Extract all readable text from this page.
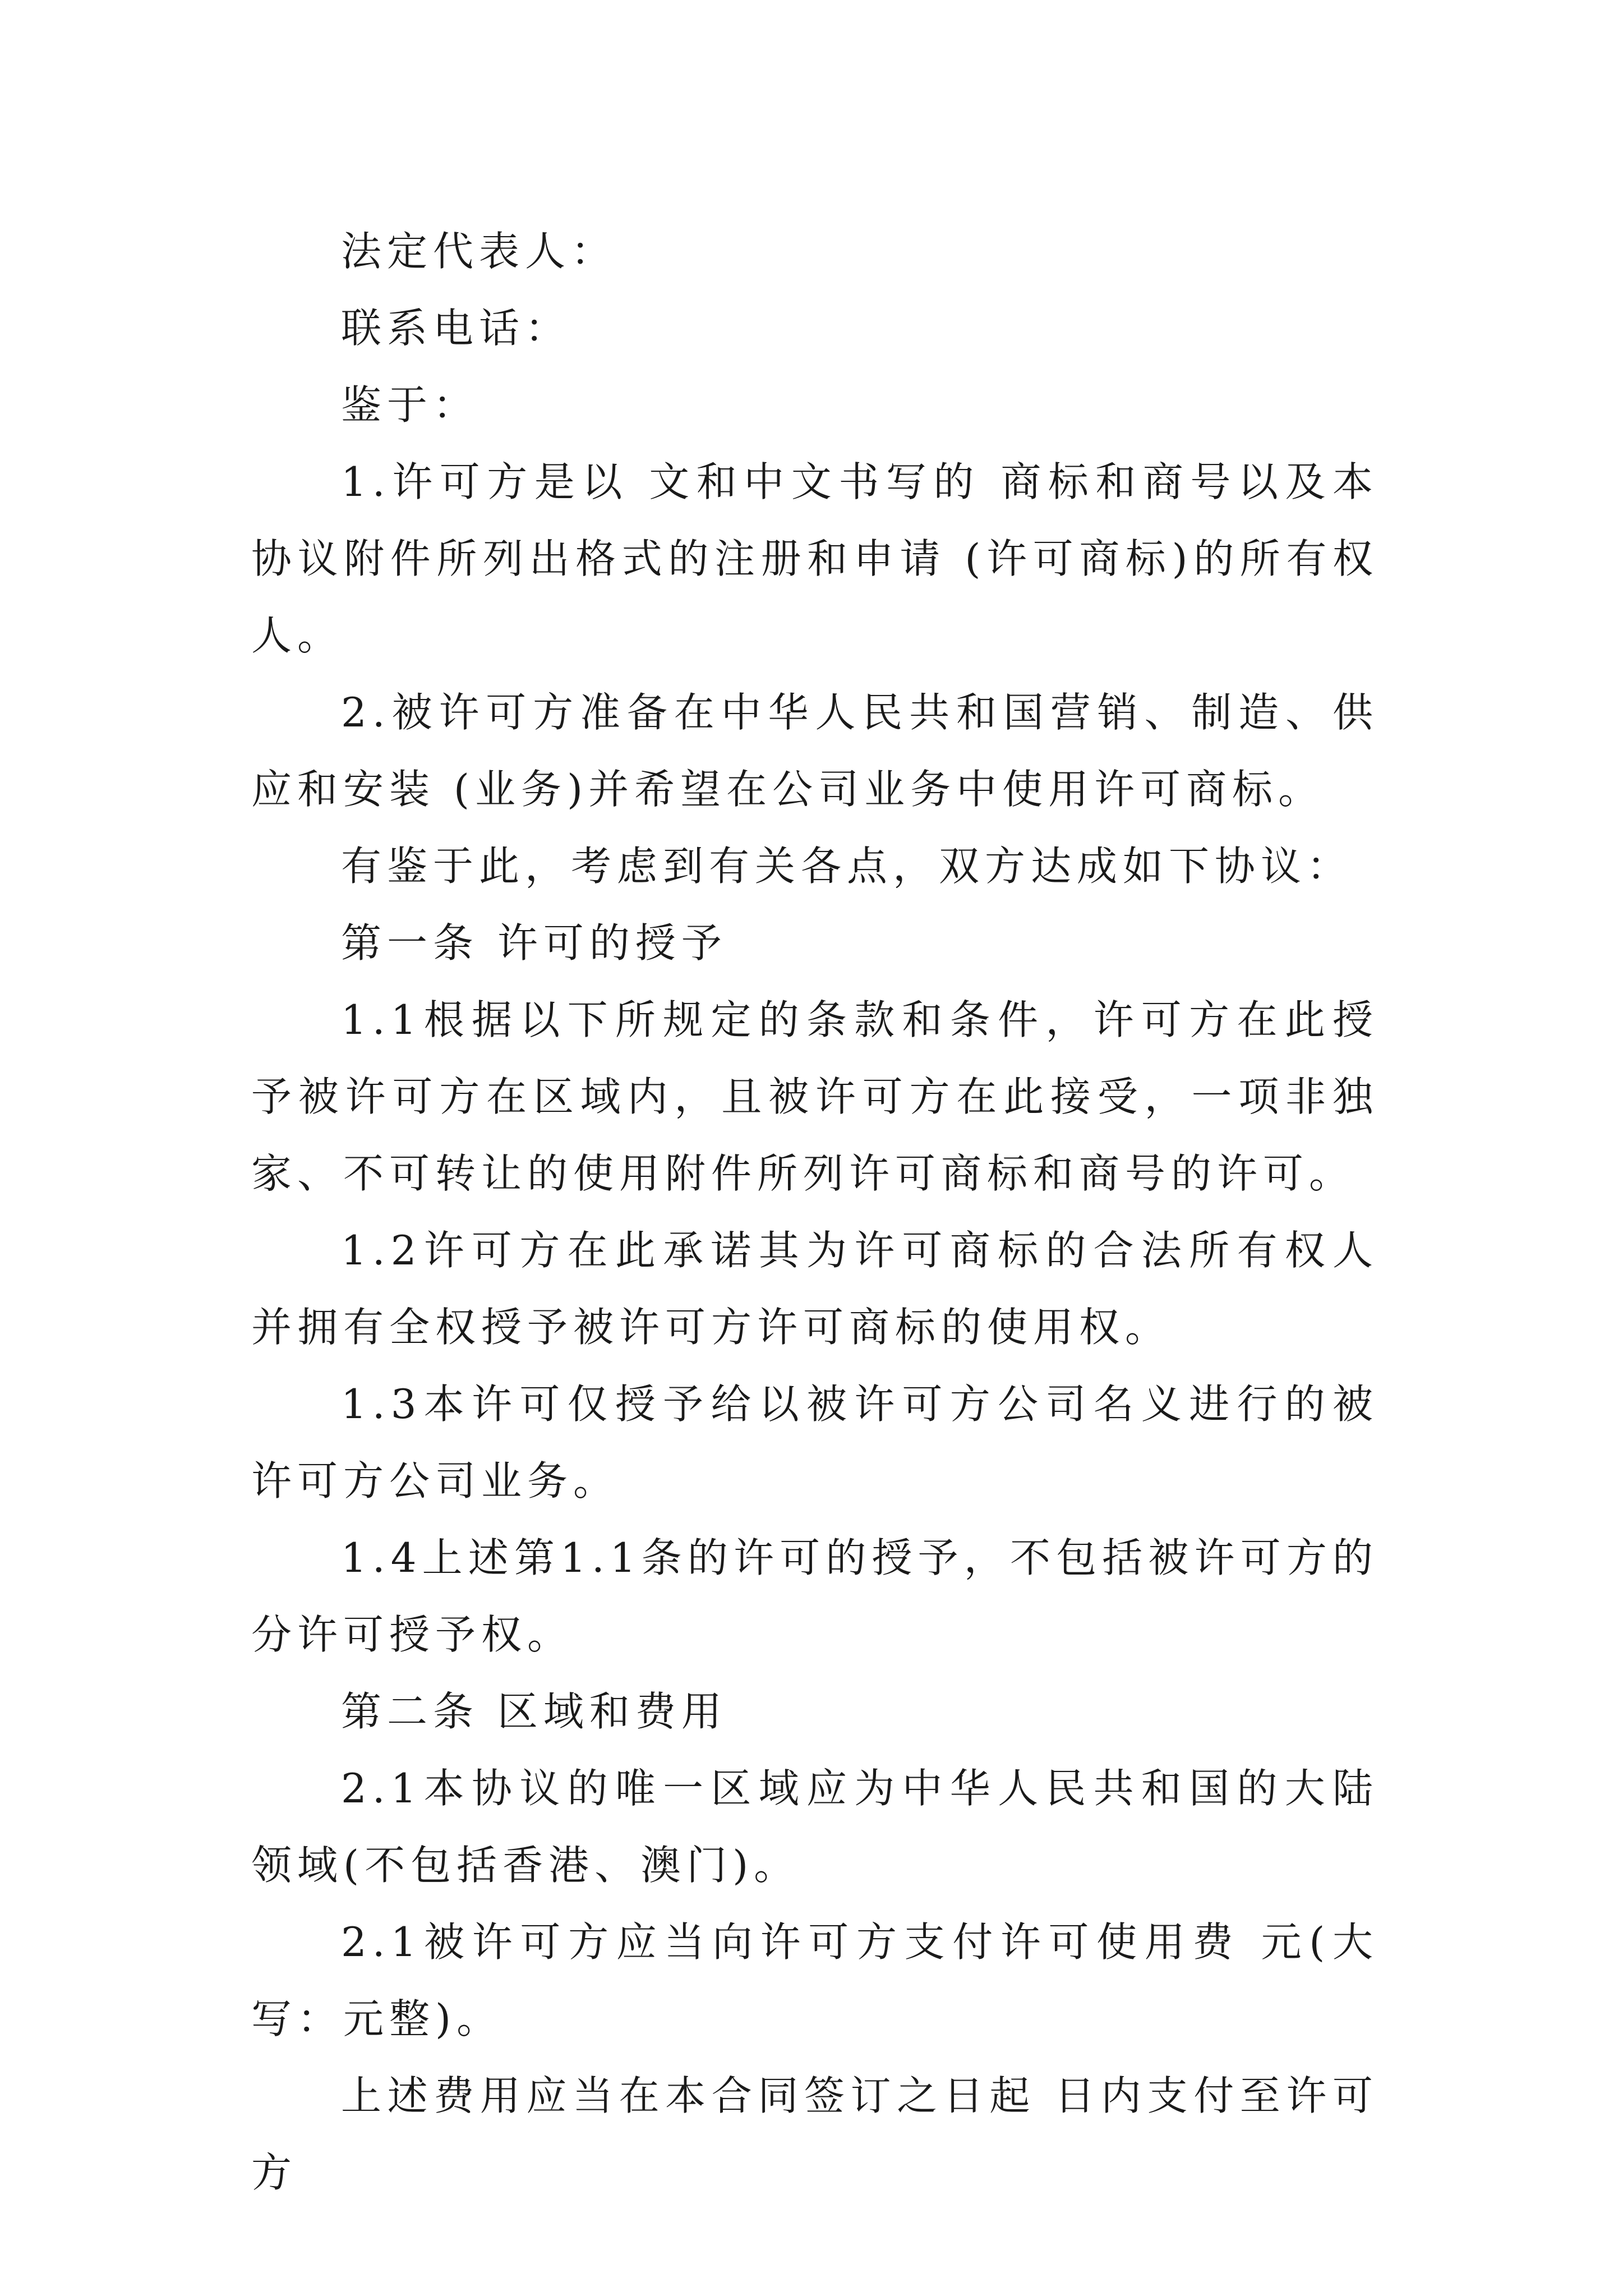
法定代表人：

联系电话：

鉴于：

1.许可方是以 文和中文书写的 商标和商号以及本协议附件所列出格式的注册和申请 (许可商标)的所有权人。

2.被许可方准备在中华人民共和国营销、制造、供应和安装 (业务)并希望在公司业务中使用许可商标。

有鉴于此，考虑到有关各点，双方达成如下协议：

第一条 许可的授予

1.1根据以下所规定的条款和条件，许可方在此授予被许可方在区域内，且被许可方在此接受，一项非独家、不可转让的使用附件所列许可商标和商号的许可。

1.2许可方在此承诺其为许可商标的合法所有权人并拥有全权授予被许可方许可商标的使用权。

1.3本许可仅授予给以被许可方公司名义进行的被许可方公司业务。

1.4上述第1.1条的许可的授予，不包括被许可方的分许可授予权。

第二条 区域和费用

2.1本协议的唯一区域应为中华人民共和国的大陆领域(不包括香港、澳门)。

2.1被许可方应当向许可方支付许可使用费 元(大写：元整)。

上述费用应当在本合同签订之日起 日内支付至许可方
